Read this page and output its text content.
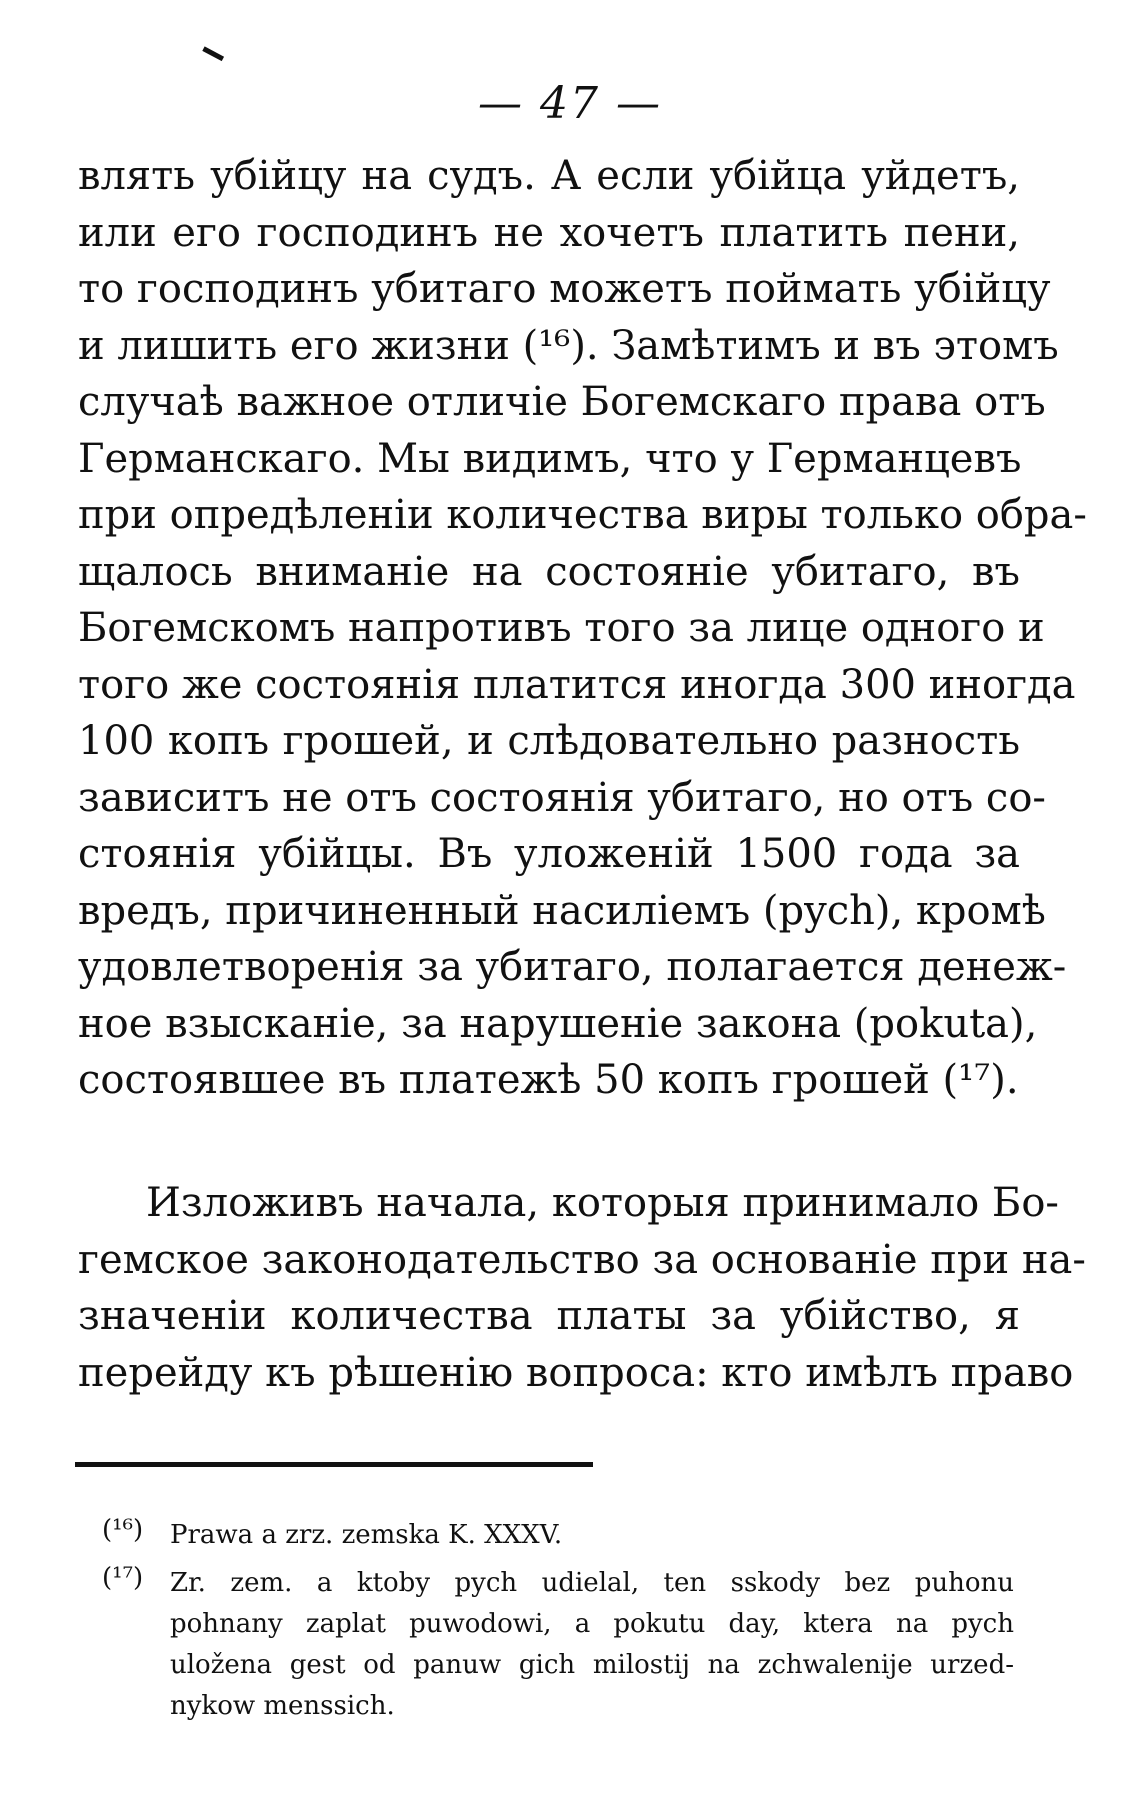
— 47 —
влять убійцу на судъ. А если убійца уйдетъ,
или его господинъ не хочетъ платить пени,
то господинъ убитаго можетъ поймать убійцу
и лишить его жизни (¹⁶). Замѣтимъ и въ этомъ
случаѣ важное отличіе Богемскаго права отъ
Германскаго. Мы видимъ, что у Германцевъ
при опредѣленіи количества виры только обра-
щалось вниманіе на состояніе убитаго, въ
Богемскомъ напротивъ того за лице одного и
того же состоянія платится иногда 300 иногда
100 копъ грошей, и слѣдовательно разность
зависитъ не отъ состоянія убитаго, но отъ со-
стоянія убійцы. Въ уложеній 1500 года за
вредъ, причиненный насиліемъ (pych), кромѣ
удовлетворенія за убитаго, полагается денеж-
ное взысканіе, за нарушеніе закона (pokuta),
состоявшее въ платежѣ 50 копъ грошей (¹⁷).
Изложивъ начала, которыя принимало Бо-
гемское законодательство за основаніе при на-
значеніи количества платы за убійство, я
перейду къ рѣшенію вопроса: кто имѣлъ право
(¹⁶) Prawa a zrz. zemska K. XXXV.
(¹⁷) Zr. zem. a ktoby pych udielal, ten sskody bez puhonu
pohnany zaplat puwodowi, a pokutu day, ktera na pych
uložena gest od panuw gich milostij na zchwalenije urzed-
nykow menssich.
